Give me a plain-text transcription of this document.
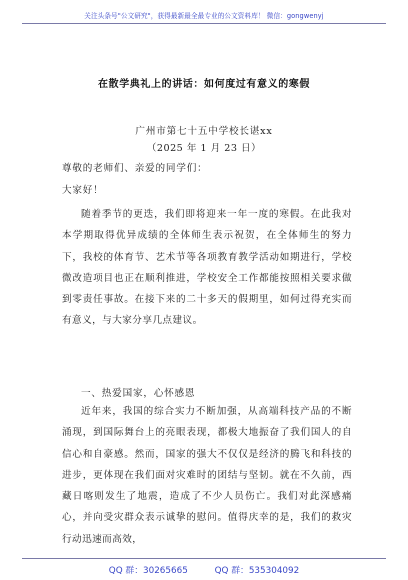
关注头条号"公文研究"，获得最新最全最专业的公文资料库！ 微信：gongwenyj
在散学典礼上的讲话：如何度过有意义的寒假
广州市第七十五中学校长谌xx
（2025 年 1 月 23 日）
尊敬的老师们、亲爱的同学们：
大家好！
随着季节的更迭，我们即将迎来一年一度的寒假。在此我对本学期取得优异成绩的全体师生表示祝贺，在全体师生的努力下，我校的体育节、艺术节等各项教育教学活动如期进行，学校微改造项目也正在顺利推进，学校安全工作都能按照相关要求做到零责任事故。在接下来的二十多天的假期里，如何过得充实而有意义，与大家分享几点建议。
一、热爱国家，心怀感恩
近年来，我国的综合实力不断加强，从高端科技产品的不断涌现，到国际舞台上的亮眼表现，都极大地振奋了我们国人的自信心和自豪感。然而，国家的强大不仅仅是经济的腾飞和科技的进步，更体现在我们面对灾难时的团结与坚韧。就在不久前，西藏日喀则发生了地震，造成了不少人员伤亡。我们对此深感痛心，并向受灾群众表示诚挚的慰问。值得庆幸的是，我们的救灾行动迅速而高效，
QQ 群：30265665	QQ 群：535304092
